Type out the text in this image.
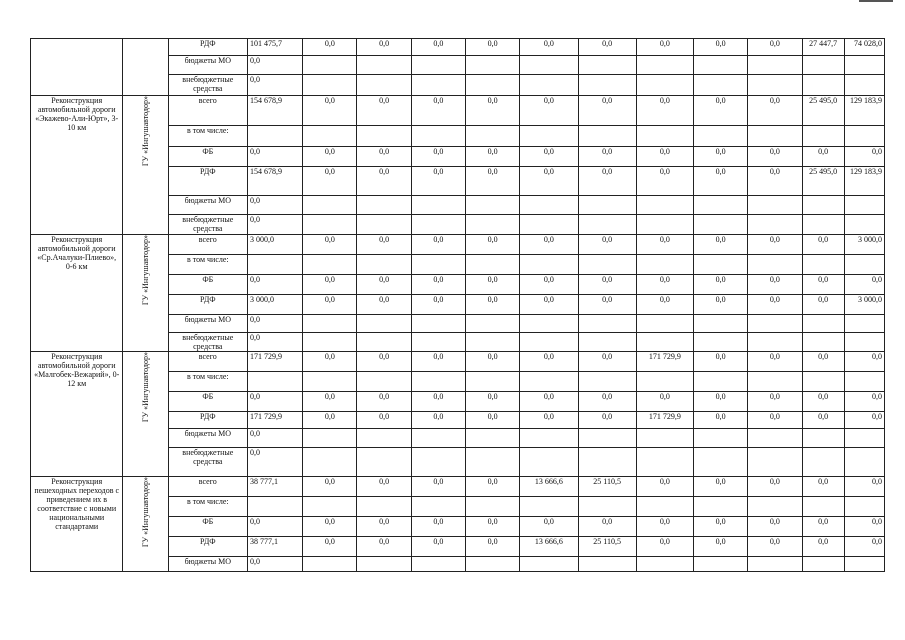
		РДФ	101 475,7	0,0	0,0	0,0	0,0	0,0	0,0	0,0	0,0	0,0	27 447,7	74 028,0
		бюджеты МО	0,0											
		внебюджетные средства	0,0											
Реконструкция автомобильной дороги «Экажево-Али-Юрт», 3-10 км	ГУ «Ингушавтодор»	всего	154 678,9	0,0	0,0	0,0	0,0	0,0	0,0	0,0	0,0	0,0	25 495,0	129 183,9
		в том числе:												
		ФБ	0,0	0,0	0,0	0,0	0,0	0,0	0,0	0,0	0,0	0,0	0,0	0,0
		РДФ	154 678,9	0,0	0,0	0,0	0,0	0,0	0,0	0,0	0,0	0,0	25 495,0	129 183,9
		бюджеты МО	0,0											
		внебюджетные средства	0,0											
Реконструкция автомобильной дороги «Ср.Ачалуки-Плиево», 0-6 км	ГУ «Ингушавтодор»	всего	3 000,0	0,0	0,0	0,0	0,0	0,0	0,0	0,0	0,0	0,0	0,0	3 000,0
		в том числе:												
		ФБ	0,0	0,0	0,0	0,0	0,0	0,0	0,0	0,0	0,0	0,0	0,0	0,0
		РДФ	3 000,0	0,0	0,0	0,0	0,0	0,0	0,0	0,0	0,0	0,0	0,0	3 000,0
		бюджеты МО	0,0											
		внебюджетные средства	0,0											
Реконструкция автомобильной дороги «Малгобек-Вежарий», 0-12 км	ГУ «Ингушавтодор»	всего	171 729,9	0,0	0,0	0,0	0,0	0,0	0,0	171 729,9	0,0	0,0	0,0	0,0
		в том числе:												
		ФБ	0,0	0,0	0,0	0,0	0,0	0,0	0,0	0,0	0,0	0,0	0,0	0,0
		РДФ	171 729,9	0,0	0,0	0,0	0,0	0,0	0,0	171 729,9	0,0	0,0	0,0	0,0
		бюджеты МО	0,0											
		внебюджетные средства	0,0											
Реконструкция пешеходных переходов с приведением их в соответствие с новыми национальными стандартами	ГУ «Ингушавтодор»	всего	38 777,1	0,0	0,0	0,0	0,0	13 666,6	25 110,5	0,0	0,0	0,0	0,0	0,0
		в том числе:												
		ФБ	0,0	0,0	0,0	0,0	0,0	0,0	0,0	0,0	0,0	0,0	0,0	0,0
		РДФ	38 777,1	0,0	0,0	0,0	0,0	13 666,6	25 110,5	0,0	0,0	0,0	0,0	0,0
		бюджеты МО	0,0											
